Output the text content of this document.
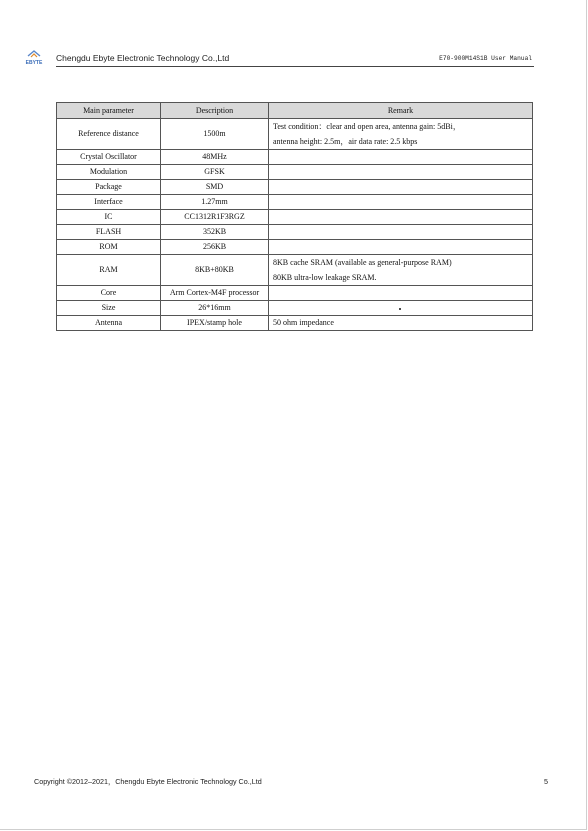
EBYTE Chengdu Ebyte Electronic Technology Co.,Ltd	E70-900M14S1B User Manual
Main parameter	Description	Remark
Reference distance	1500m	Test condition：clear and open area, antenna gain: 5dBi，
antenna height: 2.5m，air data rate: 2.5 kbps

Crystal Oscillator	48MHz	
Modulation	GFSK	
Package	SMD	
Interface	1.27mm	
IC	CC1312R1F3RGZ	
FLASH	352KB	
ROM	256KB	
RAM	8KB+80KB	8KB cache SRAM (available as general-purpose RAM)
80KB ultra-low leakage SRAM.

Core	Arm Cortex-M4F processor	
Size	26*16mm	
Antenna	IPEX/stamp hole	50 ohm impedance
Copyright ©2012–2021，Chengdu Ebyte Electronic Technology Co.,Ltd	5
